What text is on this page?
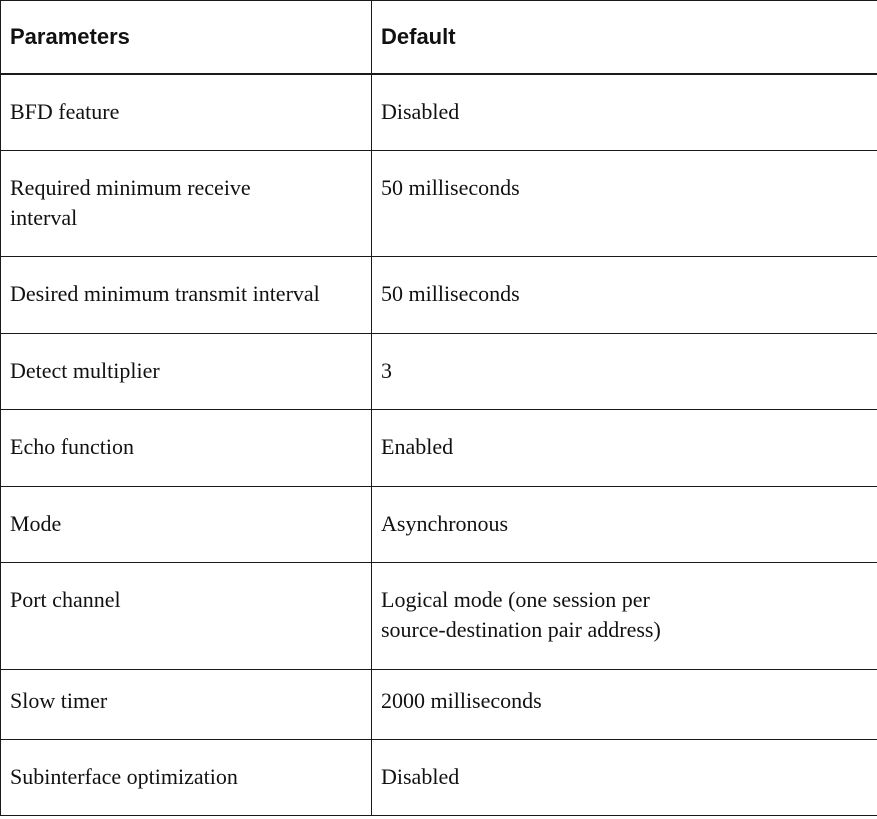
Parameters	Default

BFD feature	Disabled

Required minimum receive interval	50 milliseconds

Desired minimum transmit interval	50 milliseconds

Detect multiplier	3

Echo function	Enabled

Mode	Asynchronous

Port channel	Logical mode (one session per source-destination pair address)

Slow timer	2000 milliseconds

Subinterface optimization	Disabled
